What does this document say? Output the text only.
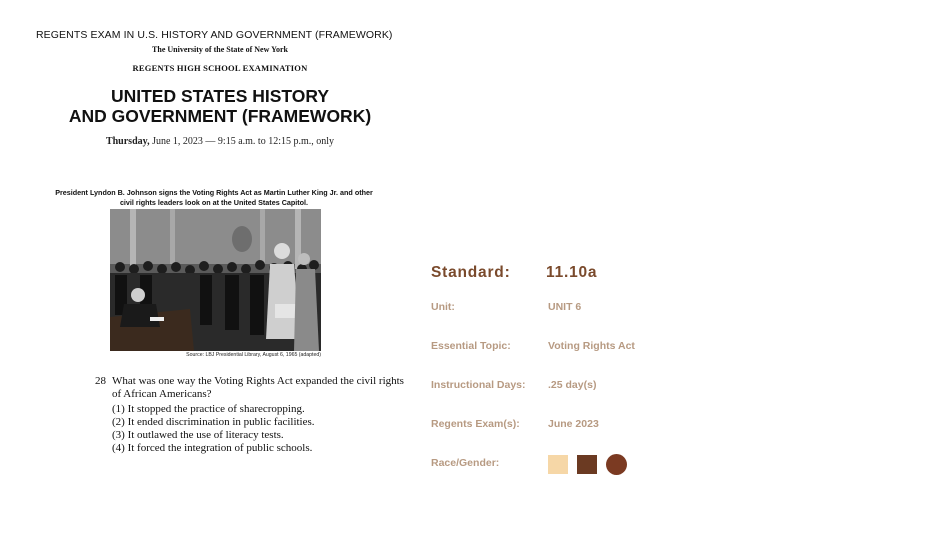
REGENTS EXAM IN U.S. HISTORY AND GOVERNMENT (FRAMEWORK)
The University of the State of New York
REGENTS HIGH SCHOOL EXAMINATION
UNITED STATES HISTORY
AND GOVERNMENT (FRAMEWORK)
Thursday, June 1, 2023 — 9:15 a.m. to 12:15 p.m., only
President Lyndon B. Johnson signs the Voting Rights Act as Martin Luther King Jr. and other civil rights leaders look on at the United States Capitol.
Source: LBJ Presidential Library, August 6, 1965 (adapted)
28 What was one way the Voting Rights Act expanded the civil rights of African Americans?
(1) It stopped the practice of sharecropping.
(2) It ended discrimination in public facilities.
(3) It outlawed the use of literacy tests.
(4) It forced the integration of public schools.
Standard: 11.10a
Unit:	UNIT 6
Essential Topic:	Voting Rights Act
Instructional Days: .25 day(s)
Regents Exam(s):	June 2023
Race/Gender:
